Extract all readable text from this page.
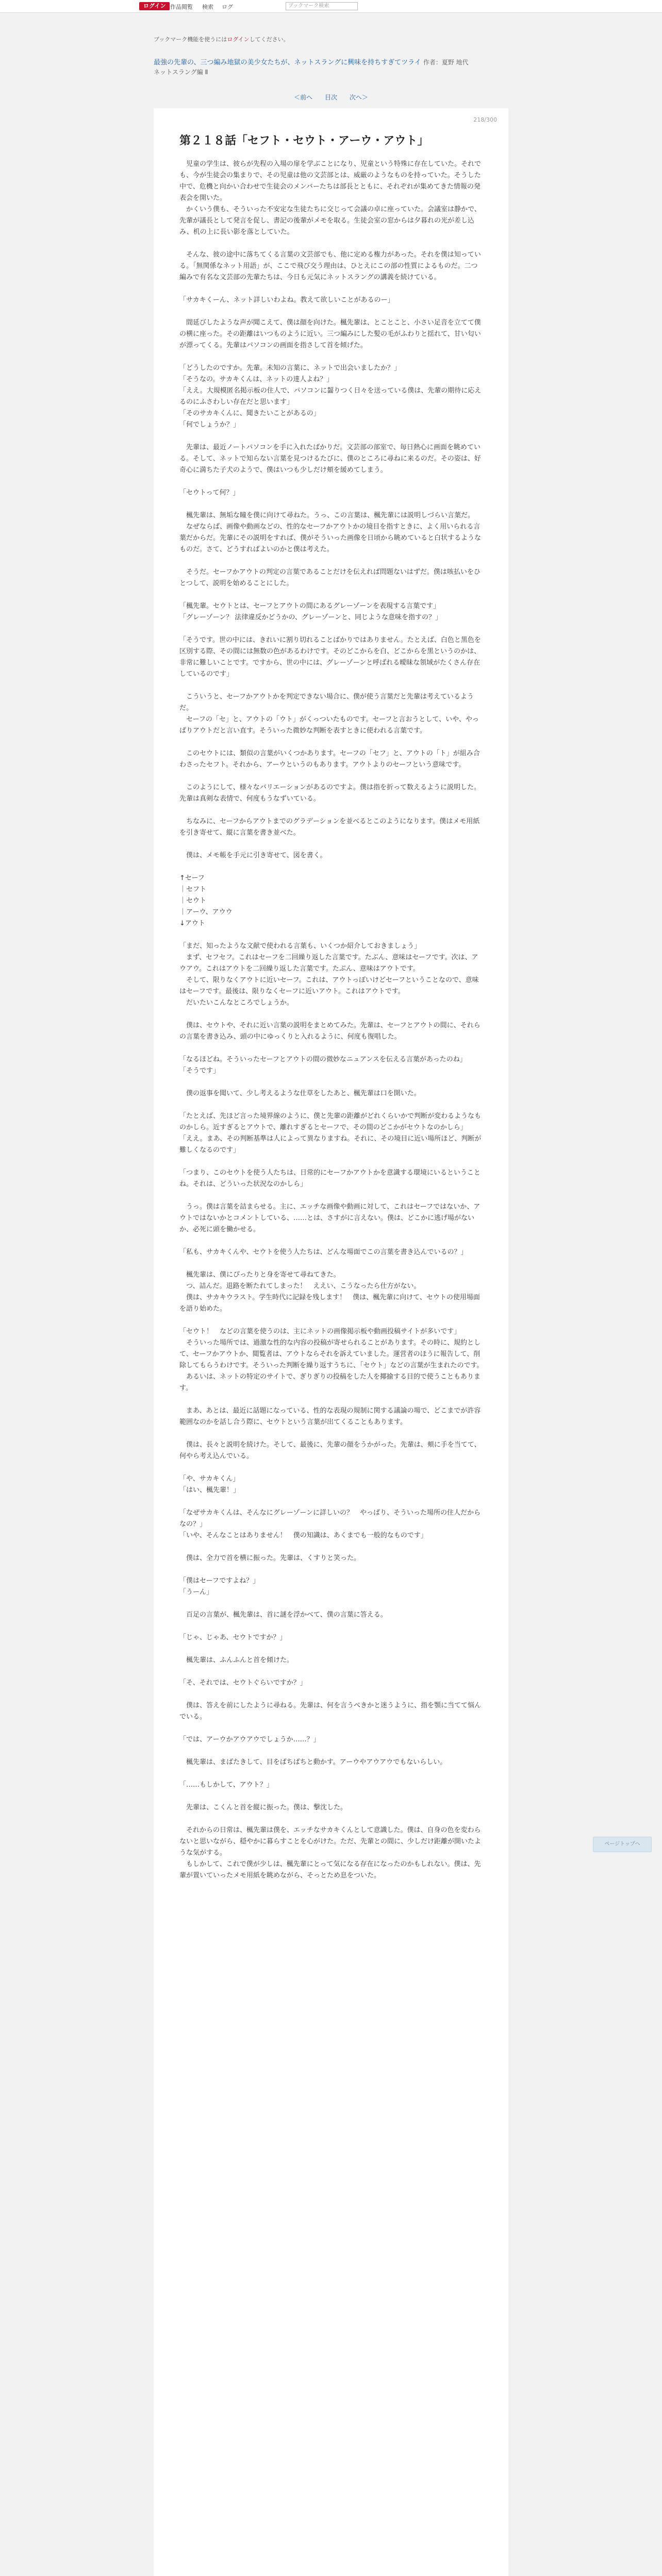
ログイン 作品閲覧 検索 ログ	ブックマーク検索
ブックマーク機能を使うにはログインしてください。
最強の先輩の、三つ編み地獄の美少女たちが、ネットスラングに興味を持ちすぎてツライ 作者：夏野 地代
ネットスラング編 Ⅱ
＜前へ 目次 次へ＞
218/300
第２１８話「セフト・セウト・アーウ・アウト」
　児童の学生は、彼らが先程の入場の扉を学ぶことになり、児童という特殊に存在していた。それでも、今が生徒会の集まりで、その児童は他の文芸部とは、威厳のようなものを持っていた。そうした中で、危機と向かい合わせで生徒会のメンバーたちは部長とともに、それぞれが集めてきた情報の発表会を開いた。
　かくいう僕も、そういった不安定な生徒たちに交じって会議の卓に座っていた。会議室は静かで、先輩が議長として発言を促し、書記の後輩がメモを取る。生徒会室の窓からは夕暮れの光が差し込み、机の上に長い影を落としていた。

　そんな、彼の途中に落ちてくる言葉の文芸部でも、他に定める権力があった。それを僕は知っている。「無関係なネット用語」が、ここで飛び交う理由は、ひとえにこの部の性質によるものだ。二つ編みで有名な文芸部の先輩たちは、今日も元気にネットスラングの講義を続けている。

「サカキくーん、ネット詳しいわよね。教えて欲しいことがあるのー」

　間延びしたような声が聞こえて、僕は顔を向けた。楓先輩は、とことこと、小さい足音を立てて僕の横に座った。その距離はいつものように近い。三つ編みにした髪の毛がふわりと揺れて、甘い匂いが漂ってくる。先輩はパソコンの画面を指さして首を傾げた。

「どうしたのですか。先輩。未知の言葉に、ネットで出会いましたか？」
「そうなの。サカキくんは、ネットの達人よね？」
「ええ。大規模匿名掲示板の住人で、パソコンに齧りつく日々を送っている僕は、先輩の期待に応えるのにふさわしい存在だと思います」
「そのサカキくんに、聞きたいことがあるの」
「何でしょうか？」

　先輩は、最近ノートパソコンを手に入れたばかりだ。文芸部の部室で、毎日熱心に画面を眺めている。そして、ネットで知らない言葉を見つけるたびに、僕のところに尋ねに来るのだ。その姿は、好奇心に満ちた子犬のようで、僕はいつも少しだけ頬を緩めてしまう。

「セウトって何？」

　楓先輩は、無垢な瞳を僕に向けて尋ねた。うっ、この言葉は、楓先輩には説明しづらい言葉だ。
　なぜならば、画像や動画などの、性的なセーフかアウトかの境目を指すときに、よく用いられる言葉だからだ。先輩にその説明をすれば、僕がそういった画像を日頃から眺めていると白状するようなものだ。さて、どうすればよいのかと僕は考えた。

　そうだ。セーフかアウトの判定の言葉であることだけを伝えれば問題ないはずだ。僕は咳払いをひとつして、説明を始めることにした。

「楓先輩。セウトとは、セーフとアウトの間にあるグレーゾーンを表現する言葉です」
「グレーゾーン？ 法律違反かどうかの、グレーゾーンと、同じような意味を指すの？」

「そうです。世の中には、きれいに割り切れることばかりではありません。たとえば、白色と黒色を区別する際、その間には無数の色があるわけです。そのどこからを白、どこからを黒というのかは、非常に難しいことです。ですから、世の中には、グレーゾーンと呼ばれる曖昧な領域がたくさん存在しているのです」

　こういうと、セーフかアウトかを判定できない場合に、僕が使う言葉だと先輩は考えているようだ。
　セーフの「セ」と、アウトの「ウト」がくっついたものです。セーフと言おうとして、いや、やっぱりアウトだと言い直す。そういった微妙な判断を表すときに使われる言葉です。

　このセウトには、類似の言葉がいくつかあります。セーフの「セフ」と、アウトの「ト」が組み合わさったセフト。それから、アーウというのもあります。アウトよりのセーフという意味です。

　このようにして、様々なバリエーションがあるのですよ。僕は指を折って数えるように説明した。先輩は真剣な表情で、何度もうなずいている。

　ちなみに、セーフからアウトまでのグラデーションを並べるとこのようになります。僕はメモ用紙を引き寄せて、縦に言葉を書き並べた。

　僕は、メモ帳を手元に引き寄せて、図を書く。

↑セーフ
｜セフト
｜セウト
｜アーウ、アウウ
↓アウト

「まだ、知ったような文献で使われる言葉も、いくつか紹介しておきましょう」
　まず、セフセフ。これはセーフを二回繰り返した言葉です。たぶん、意味はセーフです。次は、アウアウ。これはアウトを二回繰り返した言葉です。たぶん、意味はアウトです。
　そして、限りなくアウトに近いセーフ。これは、アウトっぽいけどセーフということなので、意味はセーフです。最後は、限りなくセーフに近いアウト。これはアウトです。
　だいたいこんなところでしょうか。

　僕は、セウトや、それに近い言葉の説明をまとめてみた。先輩は、セーフとアウトの間に、それらの言葉を書き込み、頭の中にゆっくりと入れるように、何度も復唱した。

「なるほどね。そういったセーフとアウトの間の微妙なニュアンスを伝える言葉があったのね」
「そうです」

　僕の返事を聞いて、少し考えるような仕草をしたあと、楓先輩は口を開いた。

「たとえば、先ほど言った境界線のように、僕と先輩の距離がどれくらいかで判断が変わるようなものかしら。近すぎるとアウトで、離れすぎるとセーフで、その間のどこかがセウトなのかしら」
「ええ。まあ、その判断基準は人によって異なりますね。それに、その境目に近い場所ほど、判断が難しくなるのです」

「つまり、このセウトを使う人たちは、日常的にセーフかアウトかを意識する環境にいるということね。それは、どういった状況なのかしら」

　うっ。僕は言葉を詰まらせる。主に、エッチな画像や動画に対して、これはセーフではないか、アウトではないかとコメントしている、……とは、さすがに言えない。僕は、どこかに逃げ場がないか、必死に頭を働かせる。

「私も、サカキくんや、セウトを使う人たちは、どんな場面でこの言葉を書き込んでいるの？」

　楓先輩は、僕にぴったりと身を寄せて尋ねてきた。
　つ、詰んだ。退路を断たれてしまった！　ええい、こうなったら仕方がない。
　僕は、サカキウラスト。学生時代に記録を残します！　僕は、楓先輩に向けて、セウトの使用場面を語り始めた。

「セウト！　などの言葉を使うのは、主にネットの画像掲示板や動画投稿サイトが多いです」
　そういった場所では、過激な性的な内容の投稿が寄せられることがあります。その時に、規約として、セーフかアウトか、閲覧者は、アウトならそれを訴えていました。運営者のほうに報告して、削除してもらうわけです。そういった判断を繰り返すうちに、「セウト」などの言葉が生まれたのです。
　あるいは、ネットの特定のサイトで、ぎりぎりの投稿をした人を揶揄する目的で使うこともあります。

　まあ、あとは、最近に話題になっている、性的な表現の規制に関する議論の場で、どこまでが許容範囲なのかを話し合う際に、セウトという言葉が出てくることもあります。

　僕は、長々と説明を続けた。そして、最後に、先輩の顔をうかがった。先輩は、頬に手を当てて、何やら考え込んでいる。

「や、サカキくん」
「はい、楓先輩！」

「なぜサカキくんは、そんなにグレーゾーンに詳しいの？　やっぱり、そういった場所の住人だからなの？」
「いや、そんなことはありません！　僕の知識は、あくまでも一般的なものです」

　僕は、全力で首を横に振った。先輩は、くすりと笑った。

「僕はセーフですよね？」
「うーん」

　百足の言葉が、楓先輩は、首に謎を浮かべて、僕の言葉に答える。

「じゃ、じゃあ、セウトですか？」

　楓先輩は、ふんふんと首を傾けた。

「そ、それでは、セウトぐらいですか？」

　僕は、答えを前にしたように尋ねる。先輩は、何を言うべきかと迷うように、指を顎に当てて悩んでいる。

「では、アーウかアウアウでしょうか……？」

　楓先輩は、まばたきして、目をぱちぱちと動かす。アーウやアウアウでもないらしい。

「……もしかして、アウト？」

　先輩は、こくんと首を縦に振った。僕は、撃沈した。

　それからの日常は、楓先輩は僕を、エッチなサカキくんとして意識した。僕は、自身の色を変わらないと思いながら、穏やかに暮らすことを心がけた。ただ、先輩との間に、少しだけ距離が開いたような気がする。
　もしかして、これで僕が少しは、楓先輩にとって気になる存在になったのかもしれない。僕は、先輩が置いていったメモ用紙を眺めながら、そっとため息をついた。

ページトップへ
